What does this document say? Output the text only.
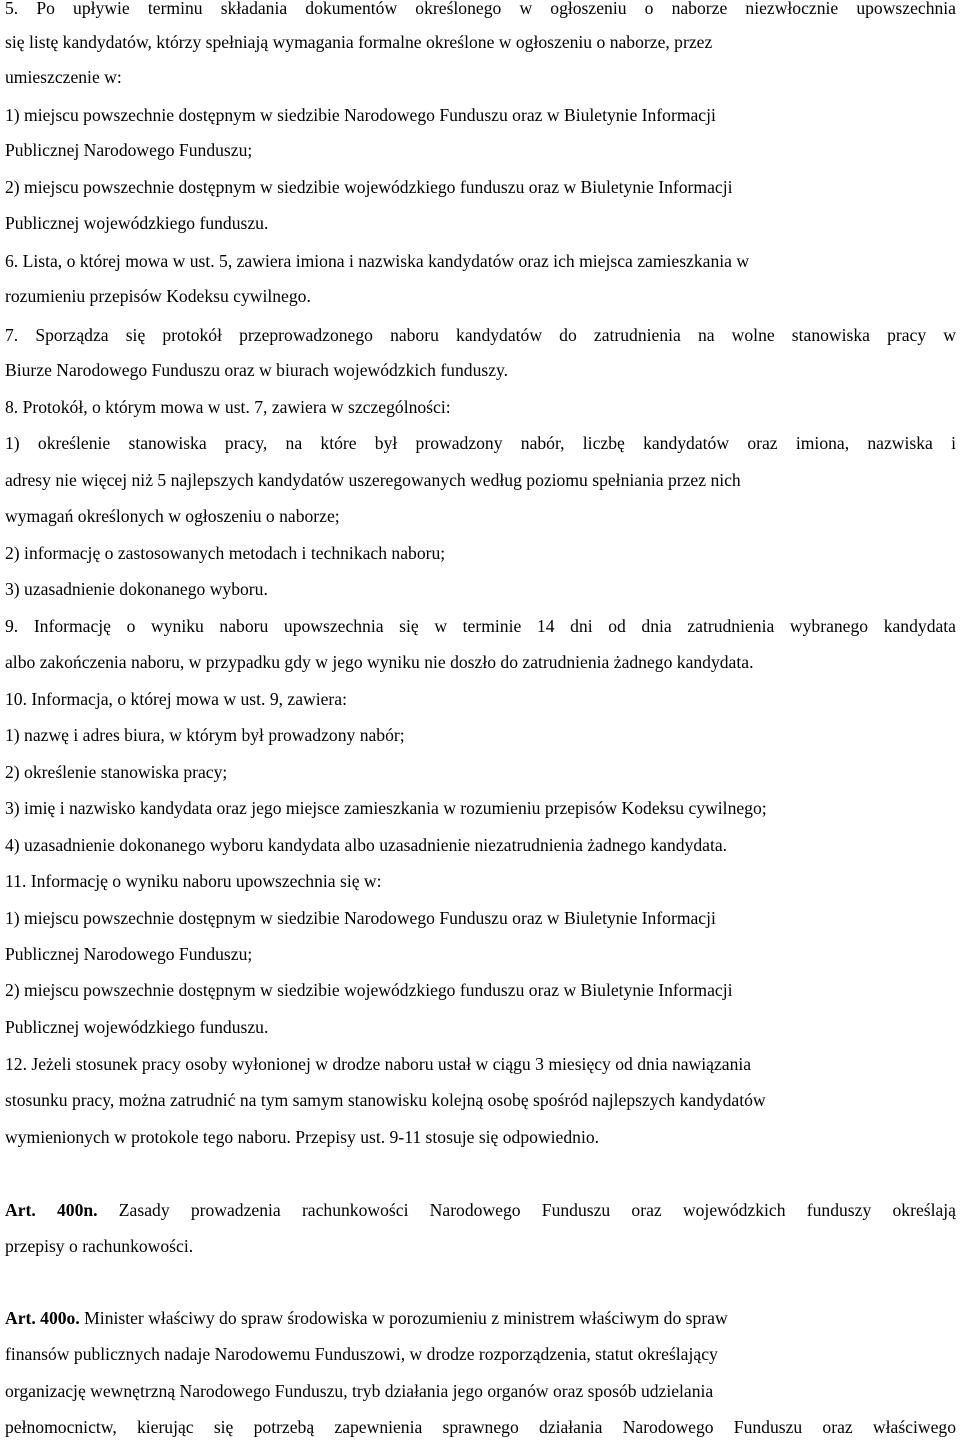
5. Po upływie terminu składania dokumentów określonego w ogłoszeniu o naborze niezwłocznie upowszechnia
się listę kandydatów, którzy spełniają wymagania formalne określone w ogłoszeniu o naborze, przez
umieszczenie w:
1) miejscu powszechnie dostępnym w siedzibie Narodowego Funduszu oraz w Biuletynie Informacji
Publicznej Narodowego Funduszu;
2) miejscu powszechnie dostępnym w siedzibie wojewódzkiego funduszu oraz w Biuletynie Informacji
Publicznej wojewódzkiego funduszu.
6. Lista, o której mowa w ust. 5, zawiera imiona i nazwiska kandydatów oraz ich miejsca zamieszkania w
rozumieniu przepisów Kodeksu cywilnego.
7. Sporządza się protokół przeprowadzonego naboru kandydatów do zatrudnienia na wolne stanowiska pracy w
Biurze Narodowego Funduszu oraz w biurach wojewódzkich funduszy.
8. Protokół, o którym mowa w ust. 7, zawiera w szczególności:
1) określenie stanowiska pracy, na które był prowadzony nabór, liczbę kandydatów oraz imiona, nazwiska i
adresy nie więcej niż 5 najlepszych kandydatów uszeregowanych według poziomu spełniania przez nich
wymagań określonych w ogłoszeniu o naborze;
2) informację o zastosowanych metodach i technikach naboru;
3) uzasadnienie dokonanego wyboru.
9. Informację o wyniku naboru upowszechnia się w terminie 14 dni od dnia zatrudnienia wybranego kandydata
albo zakończenia naboru, w przypadku gdy w jego wyniku nie doszło do zatrudnienia żadnego kandydata.
10. Informacja, o której mowa w ust. 9, zawiera:
1) nazwę i adres biura, w którym był prowadzony nabór;
2) określenie stanowiska pracy;
3) imię i nazwisko kandydata oraz jego miejsce zamieszkania w rozumieniu przepisów Kodeksu cywilnego;
4) uzasadnienie dokonanego wyboru kandydata albo uzasadnienie niezatrudnienia żadnego kandydata.
11. Informację o wyniku naboru upowszechnia się w:
1) miejscu powszechnie dostępnym w siedzibie Narodowego Funduszu oraz w Biuletynie Informacji
Publicznej Narodowego Funduszu;
2) miejscu powszechnie dostępnym w siedzibie wojewódzkiego funduszu oraz w Biuletynie Informacji
Publicznej wojewódzkiego funduszu.
12. Jeżeli stosunek pracy osoby wyłonionej w drodze naboru ustał w ciągu 3 miesięcy od dnia nawiązania
stosunku pracy, można zatrudnić na tym samym stanowisku kolejną osobę spośród najlepszych kandydatów
wymienionych w protokole tego naboru. Przepisy ust. 9-11 stosuje się odpowiednio.
Art. 400n. Zasady prowadzenia rachunkowości Narodowego Funduszu oraz wojewódzkich funduszy określają
przepisy o rachunkowości.
Art. 400o. Minister właściwy do spraw środowiska w porozumieniu z ministrem właściwym do spraw
finansów publicznych nadaje Narodowemu Funduszowi, w drodze rozporządzenia, statut określający
organizację wewnętrzną Narodowego Funduszu, tryb działania jego organów oraz sposób udzielania
pełnomocnictw, kierując się potrzebą zapewnienia sprawnego działania Narodowego Funduszu oraz właściwego
